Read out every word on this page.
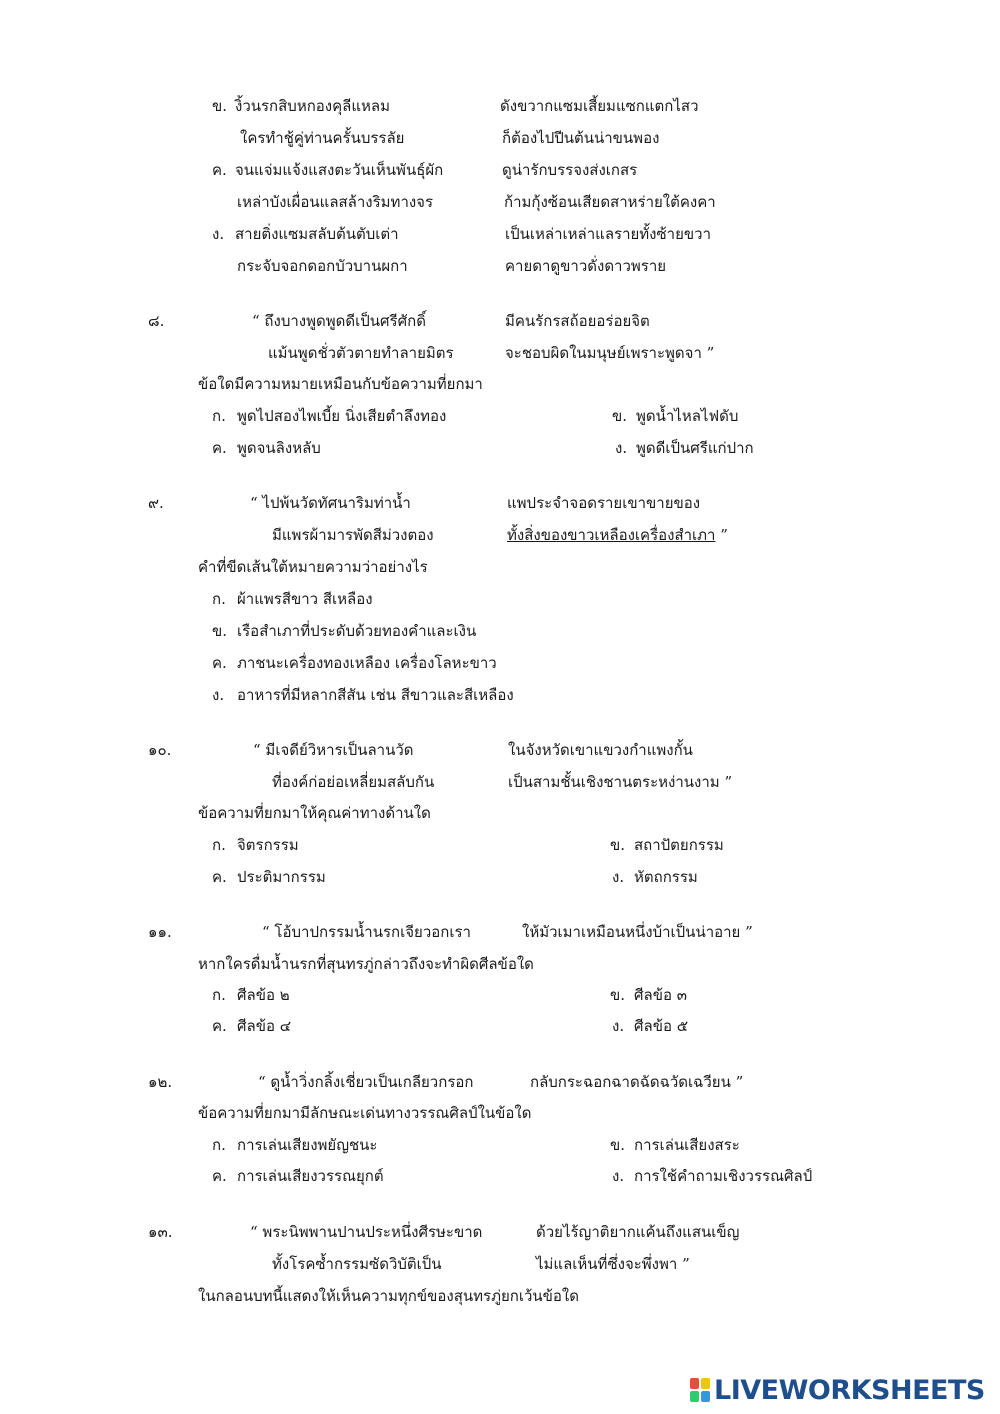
ข. งิ้วนรกสิบหกองคุลีแหลม	ดังขวากแซมเสี้ยมแซกแตกไสว
ใครทำชู้คู่ท่านครั้นบรรลัย	ก็ต้องไปปีนต้นน่าขนพอง
ค. จนแจ่มแจ้งแสงตะวันเห็นพันธุ์ผัก	ดูน่ารักบรรจงส่งเกสร
เหล่าบังเผื่อนแลสล้างริมทางจร	ก้ามกุ้งซ้อนเสียดสาหร่ายใต้คงคา
ง. สายติ่งแซมสลับต้นตับเต่า	เป็นเหล่าเหล่าแลรายทั้งซ้ายขวา
กระจับจอกดอกบัวบานผกา	คายดาดูขาวดั่งดาวพราย
๘.	“ ถึงบางพูดพูดดีเป็นศรีศักดิ์	มีคนรักรสถ้อยอร่อยจิต
แม้นพูดชั่วตัวตายทำลายมิตร	จะชอบผิดในมนุษย์เพราะพูดจา ”
ข้อใดมีความหมายเหมือนกับข้อความที่ยกมา
ก. พูดไปสองไพเบี้ย นิ่งเสียตำลึงทอง	ข. พูดน้ำไหลไฟดับ
ค. พูดจนลิงหลับ	ง. พูดดีเป็นศรีแก่ปาก
๙.	“ ไปพ้นวัดทัศนาริมท่าน้ำ	แพประจำจอดรายเขาขายของ
มีแพรผ้ามารพัดสีม่วงตอง	ทั้งสิ่งของขาวเหลืองเครื่องสำเภา ”
คำที่ขีดเส้นใต้หมายความว่าอย่างไร
ก. ผ้าแพรสีขาว สีเหลือง
ข. เรือสำเภาที่ประดับด้วยทองคำและเงิน
ค. ภาชนะเครื่องทองเหลือง เครื่องโลหะขาว
ง. อาหารที่มีหลากสีสัน เช่น สีขาวและสีเหลือง
๑๐.	“ มีเจดีย์วิหารเป็นลานวัด	ในจังหวัดเขาแขวงกำแพงกั้น
ที่องค์ก่อย่อเหลี่ยมสลับกัน	เป็นสามชั้นเชิงชานตระหง่านงาม ”
ข้อความที่ยกมาให้คุณค่าทางด้านใด
ก. จิตรกรรม	ข. สถาปัตยกรรม
ค. ประติมากรรม	ง. หัตถกรรม
๑๑.	“ โอ้บาปกรรมน้ำนรกเจียวอกเรา	ให้มัวเมาเหมือนหนึ่งบ้าเป็นน่าอาย ”
หากใครดื่มน้ำนรกที่สุนทรภู่กล่าวถึงจะทำผิดศีลข้อใด
ก. ศีลข้อ ๒	ข. ศีลข้อ ๓
ค. ศีลข้อ ๔	ง. ศีลข้อ ๕
๑๒.	“ ดูน้ำวิ่งกลิ้งเชี่ยวเป็นเกลียวกรอก	กลับกระฉอกฉาดฉัดฉวัดเฉวียน ”
ข้อความที่ยกมามีลักษณะเด่นทางวรรณศิลป์ในข้อใด
ก. การเล่นเสียงพยัญชนะ	ข. การเล่นเสียงสระ
ค. การเล่นเสียงวรรณยุกต์	ง. การใช้คำถามเชิงวรรณศิลป์
๑๓.	“ พระนิพพานปานประหนึ่งศีรษะขาด	ด้วยไร้ญาติยากแค้นถึงแสนเข็ญ
ทั้งโรคซ้ำกรรมซัดวิบัติเป็น	ไม่แลเห็นที่ซึ่งจะพึ่งพา ”
ในกลอนบทนี้แสดงให้เห็นความทุกข์ของสุนทรภู่ยกเว้นข้อใด
LIVEWORKSHEETS
